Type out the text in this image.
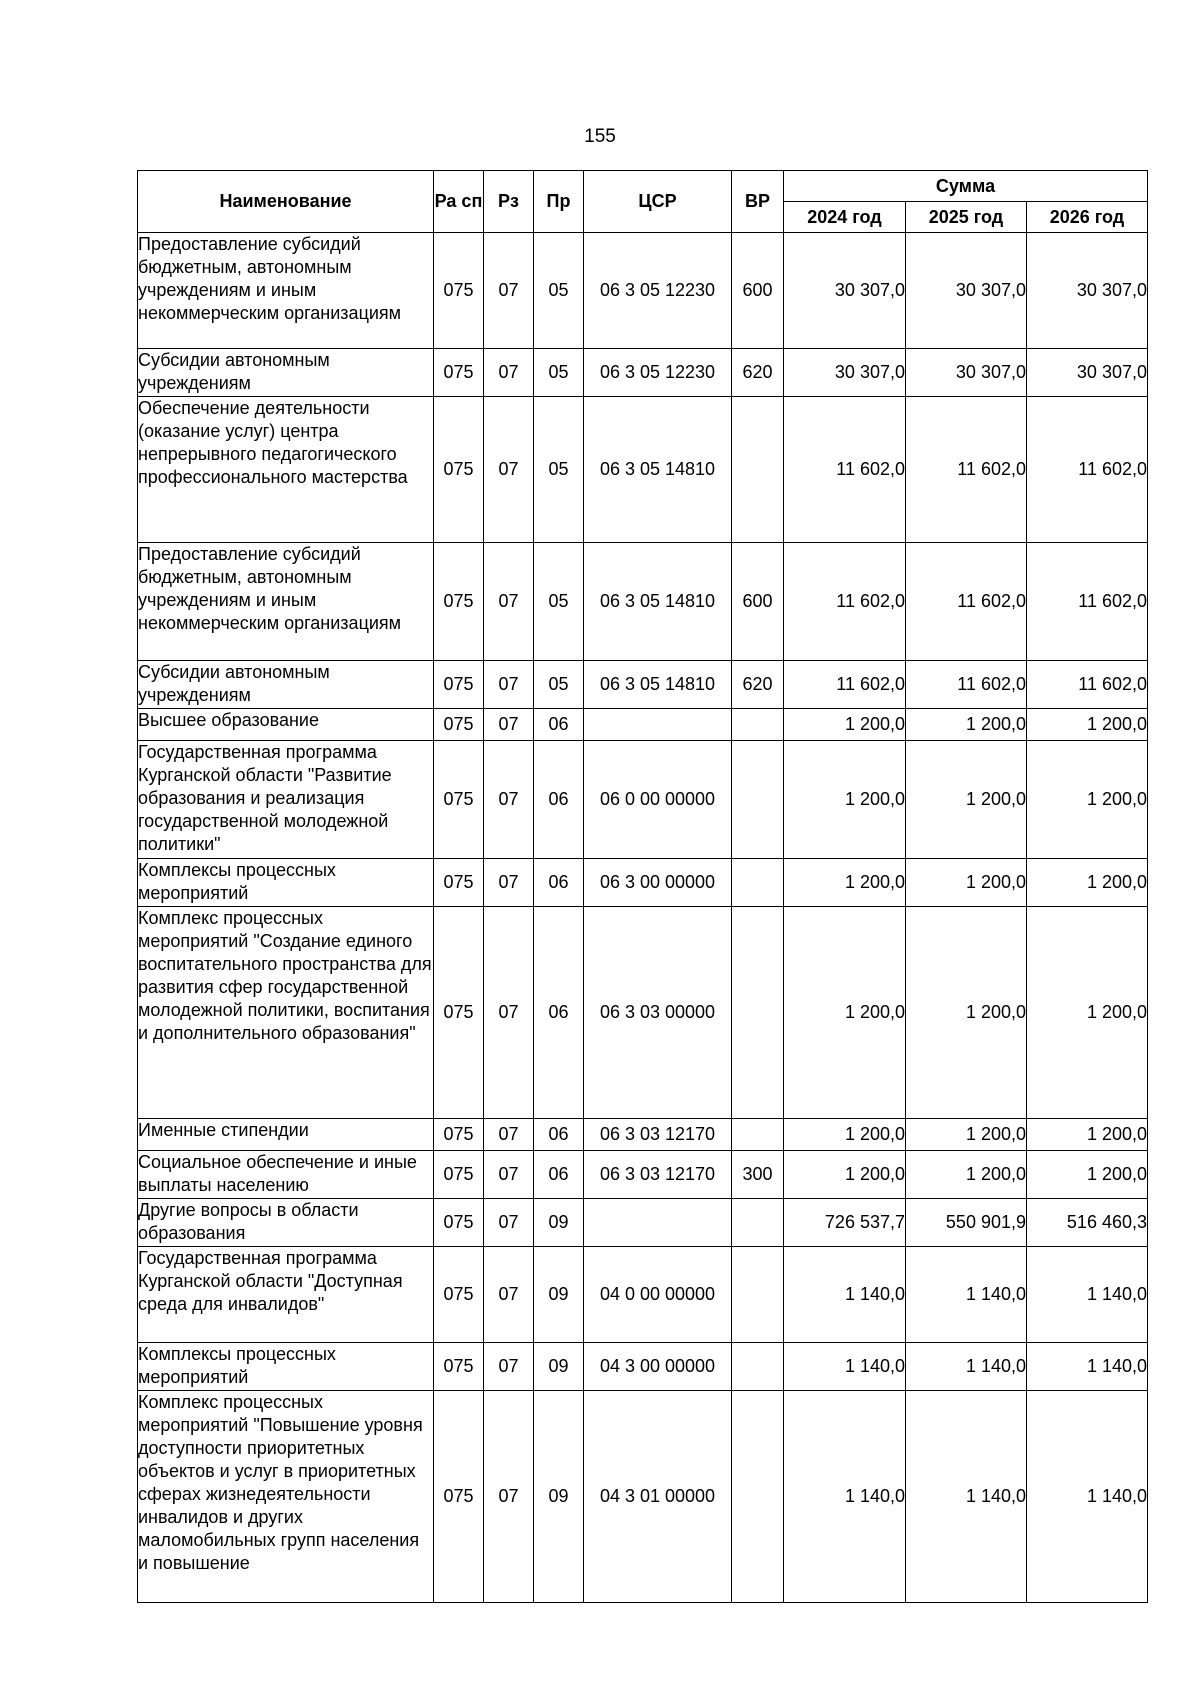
155
Наименование	Ра сп	Рз	Пр	ЦСР	ВР	Сумма		
						2024 год	2025 год	2026 год
Предоставление субсидий бюджетным, автономным учреждениям и иным некоммерческим организациям	075	07	05	06 3 05 12230	600	30 307,0	30 307,0	30 307,0
Субсидии автономным учреждениям	075	07	05	06 3 05 12230	620	30 307,0	30 307,0	30 307,0
Обеспечение деятельности (оказание услуг) центра непрерывного педагогического профессионального мастерства	075	07	05	06 3 05 14810		11 602,0	11 602,0	11 602,0
Предоставление субсидий бюджетным, автономным учреждениям и иным некоммерческим организациям	075	07	05	06 3 05 14810	600	11 602,0	11 602,0	11 602,0
Субсидии автономным учреждениям	075	07	05	06 3 05 14810	620	11 602,0	11 602,0	11 602,0
Высшее образование	075	07	06			1 200,0	1 200,0	1 200,0
Государственная программа Курганской области "Развитие образования и реализация государственной молодежной политики"	075	07	06	06 0 00 00000		1 200,0	1 200,0	1 200,0
Комплексы процессных мероприятий	075	07	06	06 3 00 00000		1 200,0	1 200,0	1 200,0
Комплекс процессных мероприятий "Создание единого воспитательного пространства для развития сфер государственной молодежной политики, воспитания и дополнительного образования"	075	07	06	06 3 03 00000		1 200,0	1 200,0	1 200,0
Именные стипендии	075	07	06	06 3 03 12170		1 200,0	1 200,0	1 200,0
Социальное обеспечение и иные выплаты населению	075	07	06	06 3 03 12170	300	1 200,0	1 200,0	1 200,0
Другие вопросы в области образования	075	07	09			726 537,7	550 901,9	516 460,3
Государственная программа Курганской области "Доступная среда для инвалидов"	075	07	09	04 0 00 00000		1 140,0	1 140,0	1 140,0
Комплексы процессных мероприятий	075	07	09	04 3 00 00000		1 140,0	1 140,0	1 140,0
Комплекс процессных мероприятий "Повышение уровня доступности приоритетных объектов и услуг в приоритетных сферах жизнедеятельности инвалидов и других маломобильных групп населения и повышение	075	07	09	04 3 01 00000		1 140,0	1 140,0	1 140,0
